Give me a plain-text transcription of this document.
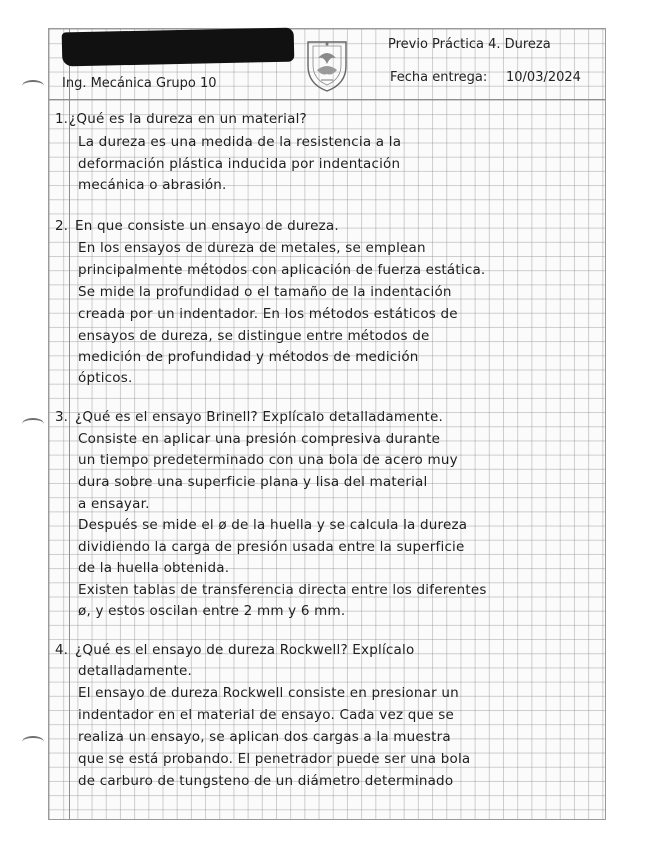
Previo Práctica 4. Dureza
Ing. Mecánica Grupo 10	Fecha entrega: 10/03/2024
1. ¿Qué es la dureza en un material?
La dureza es una medida de la resistencia a la
deformación plástica inducida por indentación
mecánica o abrasión.
2. En que consiste un ensayo de dureza.
En los ensayos de dureza de metales, se emplean
principalmente métodos con aplicación de fuerza estática.
Se mide la profundidad o el tamaño de la indentación
creada por un indentador. En los métodos estáticos de
ensayos de dureza, se distingue entre métodos de
medición de profundidad y métodos de medición
ópticos.
3. ¿Qué es el ensayo Brinell? Explícalo detalladamente.
Consiste en aplicar una presión compresiva durante
un tiempo predeterminado con una bola de acero muy
dura sobre una superficie plana y lisa del material
a ensayar.
Después se mide el ø de la huella y se calcula la dureza
dividiendo la carga de presión usada entre la superficie
de la huella obtenida.
Existen tablas de transferencia directa entre los diferentes
ø, y estos oscilan entre 2 mm y 6 mm.
4. ¿Qué es el ensayo de dureza Rockwell? Explícalo
detalladamente.
El ensayo de dureza Rockwell consiste en presionar un
indentador en el material de ensayo. Cada vez que se
realiza un ensayo, se aplican dos cargas a la muestra
que se está probando. El penetrador puede ser una bola
de carburo de tungsteno de un diámetro determinado
